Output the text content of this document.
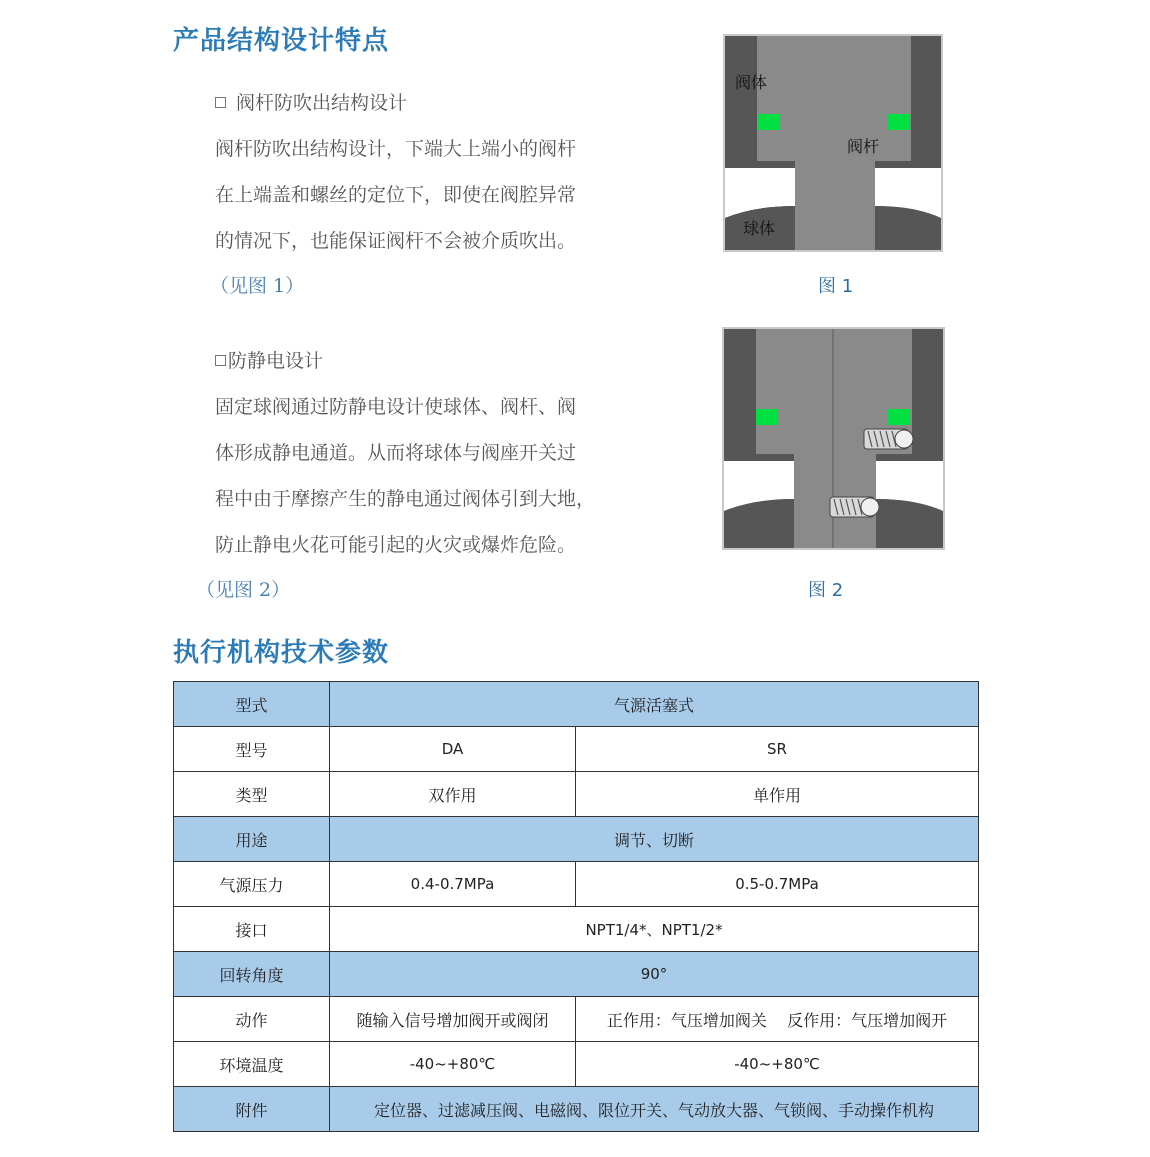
产品结构设计特点
阀杆防吹出结构设计
阀杆防吹出结构设计，下端大上端小的阀杆
在上端盖和螺丝的定位下，即使在阀腔异常
的情况下，也能保证阀杆不会被介质吹出。
（见图 1）
阀体
阀杆
球体
图 1
防静电设计
固定球阀通过防静电设计使球体、阀杆、阀
体形成静电通道。从而将球体与阀座开关过
程中由于摩擦产生的静电通过阀体引到大地，
防止静电火花可能引起的火灾或爆炸危险。
（见图 2）	图 2
执行机构技术参数
型式	气源活塞式	
型号	DA	SR
类型	双作用	单作用
用途	调节、切断	
气源压力	0.4-0.7MPa	0.5-0.7MPa
接口	NPT1/4*、NPT1/2*	
回转角度	90°	
动作	随输入信号增加阀开或阀闭	正作用：气压增加阀关    反作用：气压增加阀开
环境温度	-40~+80℃	-40~+80℃
附件	定位器、过滤减压阀、电磁阀、限位开关、气动放大器、气锁阀、手动操作机构	
